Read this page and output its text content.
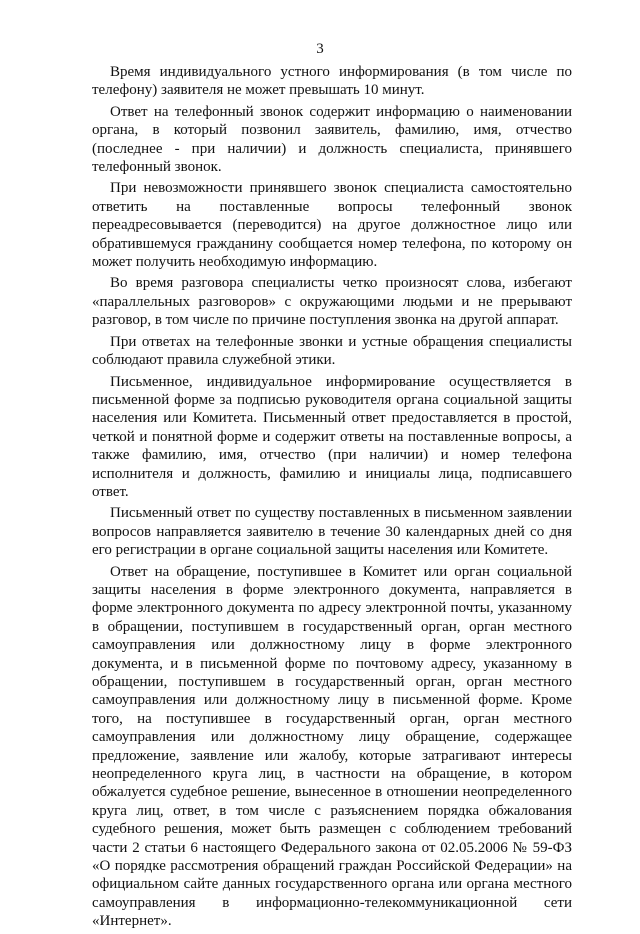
3

Время индивидуального устного информирования (в том числе по телефону) заявителя не может превышать 10 минут.

Ответ на телефонный звонок содержит информацию о наименовании органа, в который позвонил заявитель, фамилию, имя, отчество (последнее - при наличии) и должность специалиста, принявшего телефонный звонок.

При невозможности принявшего звонок специалиста самостоятельно ответить на поставленные вопросы телефонный звонок переадресовывается (переводится) на другое должностное лицо или обратившемуся гражданину сообщается номер телефона, по которому он может получить необходимую информацию.

Во время разговора специалисты четко произносят слова, избегают «параллельных разговоров» с окружающими людьми и не прерывают разговор, в том числе по причине поступления звонка на другой аппарат.

При ответах на телефонные звонки и устные обращения специалисты соблюдают правила служебной этики.

Письменное, индивидуальное информирование осуществляется в письменной форме за подписью руководителя органа социальной защиты населения или Комитета. Письменный ответ предоставляется в простой, четкой и понятной форме и содержит ответы на поставленные вопросы, а также фамилию, имя, отчество (при наличии) и номер телефона исполнителя и должность, фамилию и инициалы лица, подписавшего ответ.

Письменный ответ по существу поставленных в письменном заявлении вопросов направляется заявителю в течение 30 календарных дней со дня его регистрации в органе социальной защиты населения или Комитете.

Ответ на обращение, поступившее в Комитет или орган социальной защиты населения в форме электронного документа, направляется в форме электронного документа по адресу электронной почты, указанному в обращении, поступившем в государственный орган, орган местного самоуправления или должностному лицу в форме электронного документа, и в письменной форме по почтовому адресу, указанному в обращении, поступившем в государственный орган, орган местного самоуправления или должностному лицу в письменной форме. Кроме того, на поступившее в государственный орган, орган местного самоуправления или должностному лицу обращение, содержащее предложение, заявление или жалобу, которые затрагивают интересы неопределенного круга лиц, в частности на обращение, в котором обжалуется судебное решение, вынесенное в отношении неопределенного круга лиц, ответ, в том числе с разъяснением порядка обжалования судебного решения, может быть размещен с соблюдением требований части 2 статьи 6 настоящего Федерального закона от 02.05.2006 № 59-ФЗ «О порядке рассмотрения обращений граждан Российской Федерации» на официальном сайте данных государственного органа или органа местного самоуправления в информационно-телекоммуникационной сети «Интернет».
